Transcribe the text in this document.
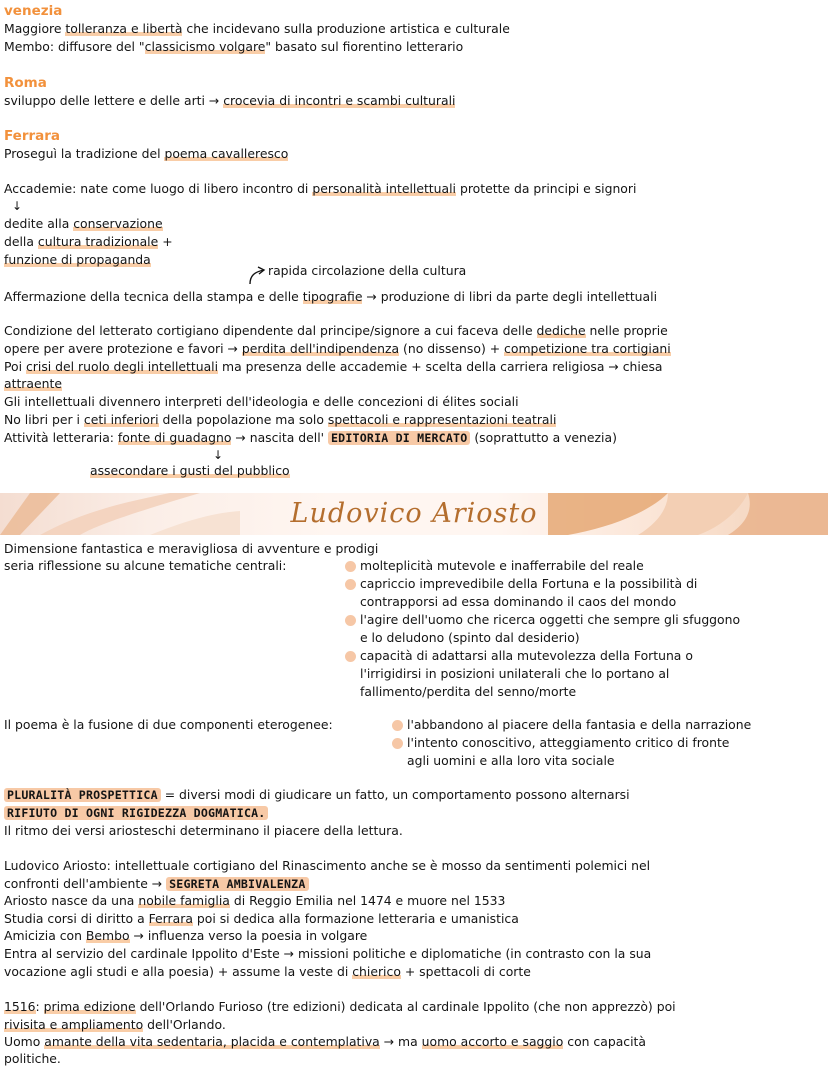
venezia
Maggiore tolleranza e libertà che incidevano sulla produzione artistica e culturale
Membo: diffusore del "classicismo volgare" basato sul fiorentino letterario
Roma
sviluppo delle lettere e delle arti → crocevia di incontri e scambi culturali
Ferrara
Proseguì la tradizione del poema cavalleresco
Accademie: nate come luogo di libero incontro di personalità intellettuali protette da principi e signori
↓
dedite alla conservazione
della cultura tradizionale +
funzione di propaganda
rapida circolazione della cultura
Affermazione della tecnica della stampa e delle tipografie → produzione di libri da parte degli intellettuali
Condizione del letterato cortigiano dipendente dal principe/signore a cui faceva delle dediche nelle proprie
opere per avere protezione e favori → perdita dell'indipendenza (no dissenso) + competizione tra cortigiani
Poi crisi del ruolo degli intellettuali ma presenza delle accademie + scelta della carriera religiosa → chiesa
attraente
Gli intellettuali divennero interpreti dell'ideologia e delle concezioni di élites sociali
No libri per i ceti inferiori della popolazione ma solo spettacoli e rappresentazioni teatrali
Attività letteraria: fonte di guadagno → nascita dell' EDITORIA DI MERCATO (soprattutto a venezia)
↓
assecondare i gusti del pubblico
Ludovico Ariosto
Dimensione fantastica e meravigliosa di avventure e prodigi
seria riflessione su alcune tematiche centrali:	molteplicità mutevole e inafferrabile del reale
capriccio imprevedibile della Fortuna e la possibilità di
contrapporsi ad essa dominando il caos del mondo
l'agire dell'uomo che ricerca oggetti che sempre gli sfuggono
e lo deludono (spinto dal desiderio)
capacità di adattarsi alla mutevolezza della Fortuna o
l'irrigidirsi in posizioni unilaterali che lo portano al
fallimento/perdita del senno/morte
Il poema è la fusione di due componenti eterogenee:	l'abbandono al piacere della fantasia e della narrazione
l'intento conoscitivo, atteggiamento critico di fronte
agli uomini e alla loro vita sociale
PLURALITÀ PROSPETTICA = diversi modi di giudicare un fatto, un comportamento possono alternarsi
RIFIUTO DI OGNI RIGIDEZZA DOGMATICA.
Il ritmo dei versi ariosteschi determinano il piacere della lettura.
Ludovico Ariosto: intellettuale cortigiano del Rinascimento anche se è mosso da sentimenti polemici nel
confronti dell'ambiente → SEGRETA AMBIVALENZA
Ariosto nasce da una nobile famiglia di Reggio Emilia nel 1474 e muore nel 1533
Studia corsi di diritto a Ferrara poi si dedica alla formazione letteraria e umanistica
Amicizia con Bembo → influenza verso la poesia in volgare
Entra al servizio del cardinale Ippolito d'Este → missioni politiche e diplomatiche (in contrasto con la sua
vocazione agli studi e alla poesia) + assume la veste di chierico + spettacoli di corte
1516: prima edizione dell'Orlando Furioso (tre edizioni) dedicata al cardinale Ippolito (che non apprezzò) poi
rivisita e ampliamento dell'Orlando.
Uomo amante della vita sedentaria, placida e contemplativa → ma uomo accorto e saggio con capacità
politiche.
